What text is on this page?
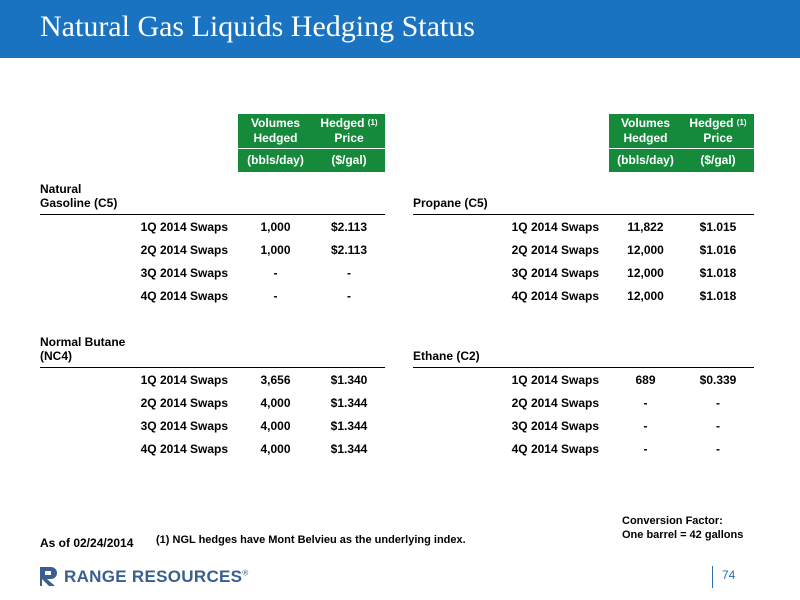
Natural Gas Liquids Hedging Status
	Volumes Hedged	Hedged $^{(1)}$
Price
	(bbls/day)	($/gal)

Natural Gasoline (C5)		

1Q 2014 Swaps	1,000	$2.113
2Q 2014 Swaps	1,000	$2.113
3Q 2014 Swaps	-	-
4Q 2014 Swaps	-	-

Normal Butane (NC4)		

1Q 2014 Swaps	3,656	$1.340
2Q 2014 Swaps	4,000	$1.344
3Q 2014 Swaps	4,000	$1.344
4Q 2014 Swaps	4,000	$1.344
	Volumes Hedged	Hedged $^{(1)}$
Price
	(bbls/day)	($/gal)
Propane (C5)		
1Q 2014 Swaps	11,822	$1.015
2Q 2014 Swaps	12,000	$1.016
3Q 2014 Swaps	12,000	$1.018
4Q 2014 Swaps	12,000	$1.018

Ethane (C2)		
1Q 2014 Swaps	689	$0.339
2Q 2014 Swaps	-	-
3Q 2014 Swaps	-	-
4Q 2014 Swaps	-	-
As of 02/24/2014 (1) NGL hedges have Mont Belvieu as the underlying index.
Conversion Factor:
One barrel = 42 gallons
RANGE RESOURCES®	74
